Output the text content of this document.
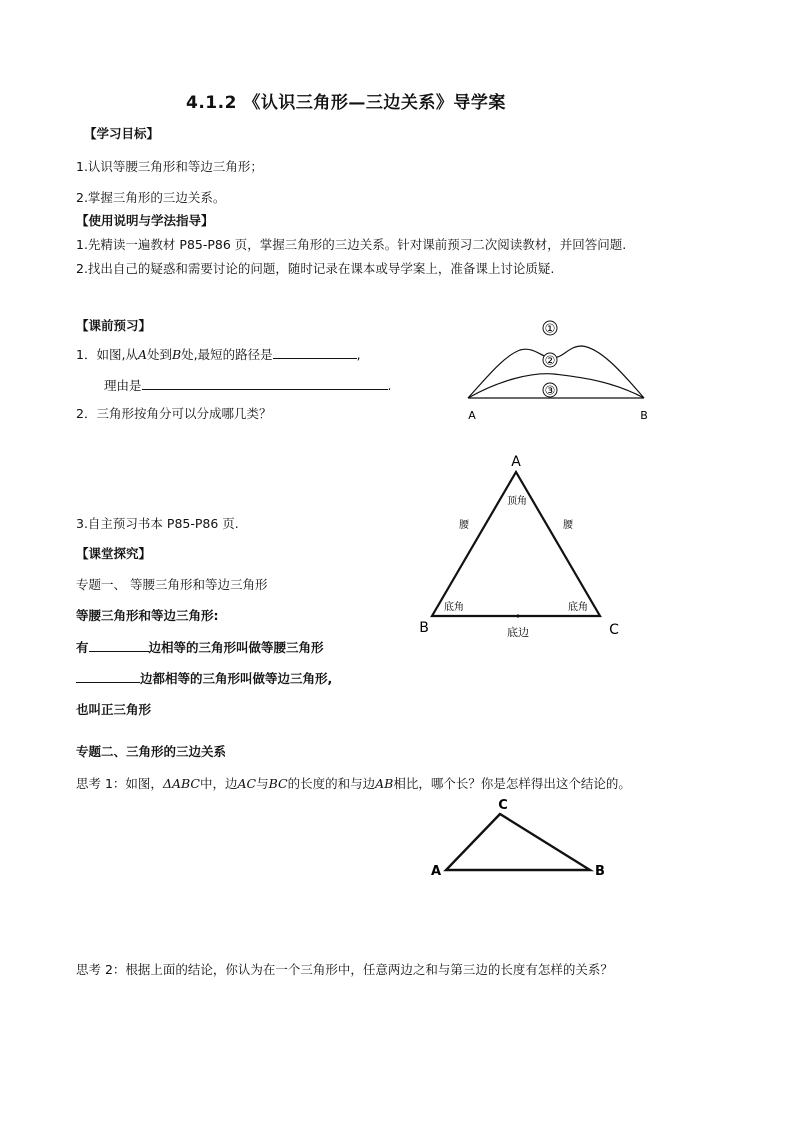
4.1.2 《认识三角形—三边关系》导学案
【学习目标】
1.认识等腰三角形和等边三角形；
2.掌握三角形的三边关系。
【使用说明与学法指导】
1.先精读一遍教材 P85-P86 页，掌握三角形的三边关系。针对课前预习二次阅读教材，并回答问题.
2.找出自己的疑惑和需要讨论的问题，随时记录在课本或导学案上，准备课上讨论质疑.
【课前预习】
1．如图,从A处到B处,最短的路径是	,
理由是	.
2．三角形按角分可以分成哪几类？
3.自主预习书本 P85-P86 页.
①
②
③
A	B
A
B	C
顶角
腰	腰
底角	底角
底边
【课堂探究】
专题一、 等腰三角形和等边三角形
等腰三角形和等边三角形:
有	边相等的三角形叫做等腰三角形
边都相等的三角形叫做等边三角形,
也叫正三角形
专题二、三角形的三边关系
思考 1：如图，ΔABC中，边AC与BC的长度的和与边AB相比，哪个长？你是怎样得出这个结论的。
C
A	B
思考 2：根据上面的结论，你认为在一个三角形中，任意两边之和与第三边的长度有怎样的关系？
